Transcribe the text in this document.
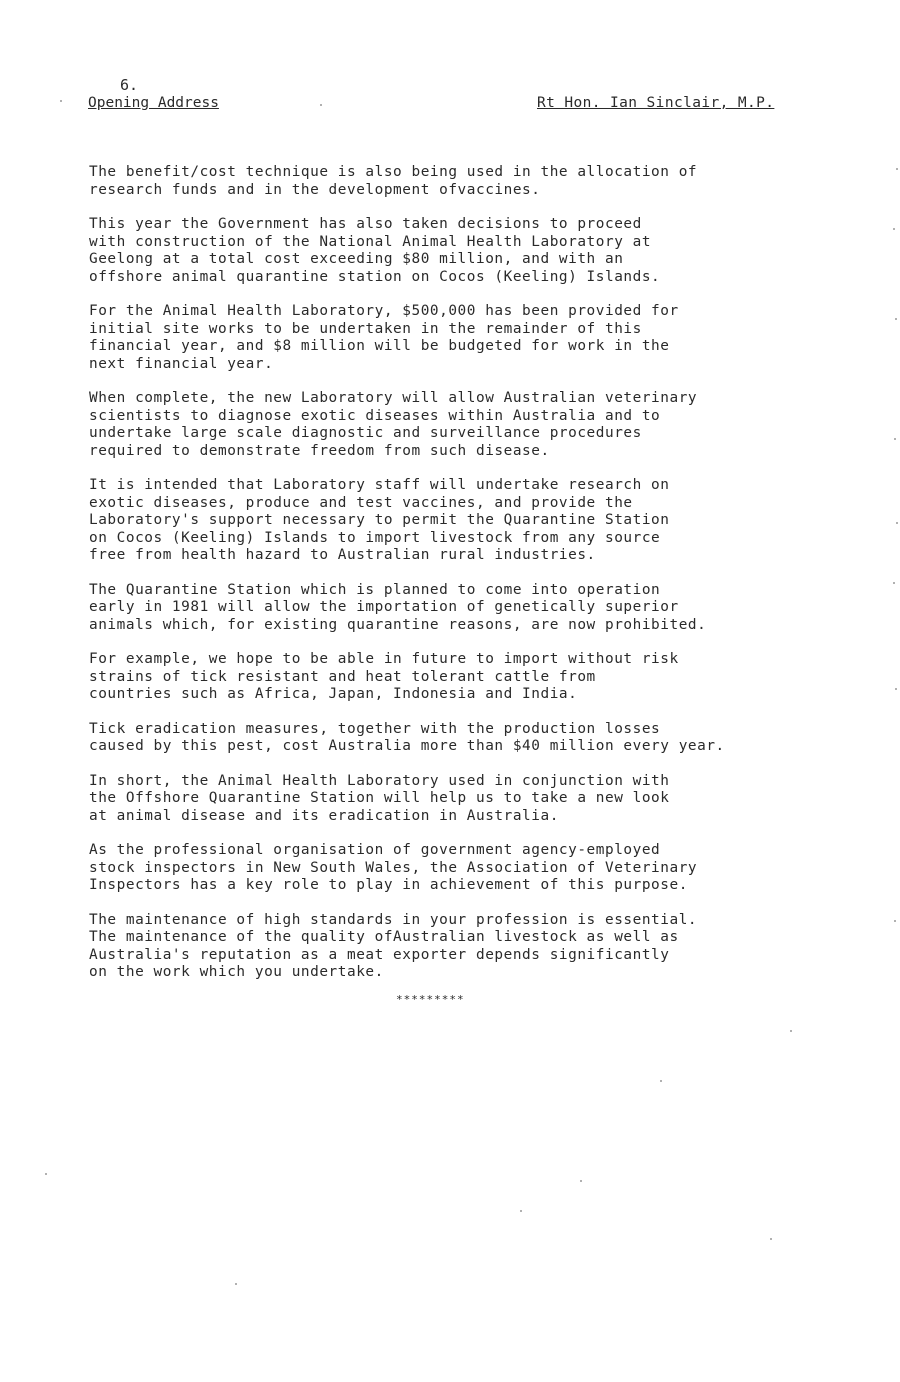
6.
Opening Address	Rt Hon. Ian Sinclair, M.P.

The benefit/cost technique is also being used in the allocation of
research funds and in the development ofvaccines.

This year the Government has also taken decisions to proceed
with construction of the National Animal Health Laboratory at
Geelong at a total cost exceeding $80 million, and with an
offshore animal quarantine station on Cocos (Keeling) Islands.

For the Animal Health Laboratory, $500,000 has been provided for
initial site works to be undertaken in the remainder of this
financial year, and $8 million will be budgeted for work in the
next financial year.

When complete, the new Laboratory will allow Australian veterinary
scientists to diagnose exotic diseases within Australia and to
undertake large scale diagnostic and surveillance procedures
required to demonstrate freedom from such disease.

It is intended that Laboratory staff will undertake research on
exotic diseases, produce and test vaccines, and provide the
Laboratory's support necessary to permit the Quarantine Station
on Cocos (Keeling) Islands to import livestock from any source
free from health hazard to Australian rural industries.

The Quarantine Station which is planned to come into operation
early in 1981 will allow the importation of genetically superior
animals which, for existing quarantine reasons, are now prohibited.

For example, we hope to be able in future to import without risk
strains of tick resistant and heat tolerant cattle from
countries such as Africa, Japan, Indonesia and India.

Tick eradication measures, together with the production losses
caused by this pest, cost Australia more than $40 million every year.

In short, the Animal Health Laboratory used in conjunction with
the Offshore Quarantine Station will help us to take a new look
at animal disease and its eradication in Australia.

As the professional organisation of government agency-employed
stock inspectors in New South Wales, the Association of Veterinary
Inspectors has a key role to play in achievement of this purpose.

The maintenance of high standards in your profession is essential.
The maintenance of the quality ofAustralian livestock as well as
Australia's reputation as a meat exporter depends significantly
on the work which you undertake.

*********
